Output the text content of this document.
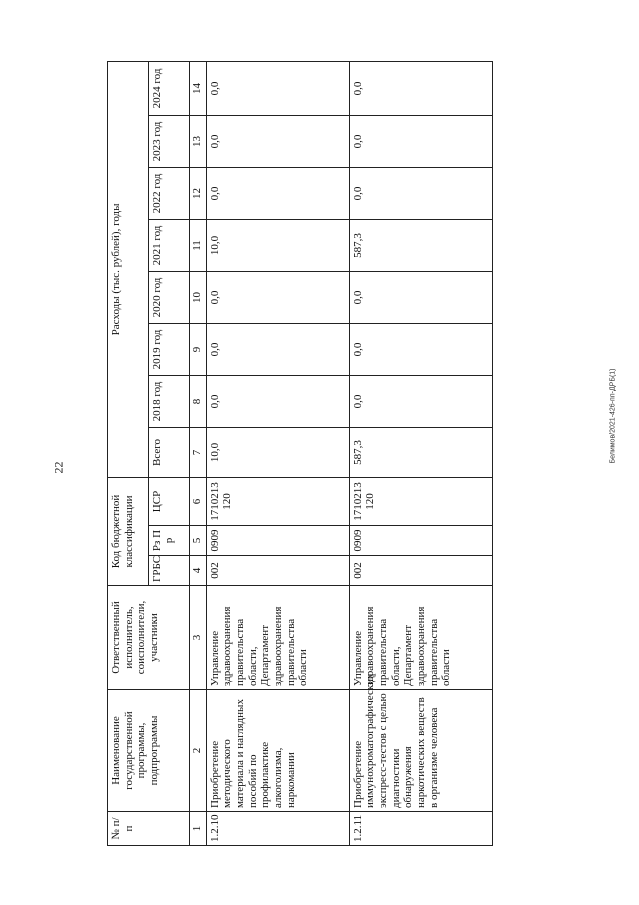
22
Белимов/2021-426-пп-ДРБ(1)
№ п/п	Наименование государственной программы, подпрограммы	Ответственный исполнитель, соисполнители, участники	Код бюджетной классификации			Расходы (тыс. рублей), годы							
			ГРБС	Рз Пр	ЦСР	Всего	2018 год	2019 год	2020 год	2021 год	2022 год	2023 год	2024 год
1	2	3	4	5	6	7	8	9	10	11	12	13	14
1.2.10	Приобретение методического материала и наглядных пособий по профилактике алкоголизма, наркомании	Управление здравоохранения правительства области, Департамент здравоохранения правительства области	002	0909	1710213120	10,0	0,0	0,0	0,0	10,0	0,0	0,0	0,0
1.2.11	Приобретение иммунохроматографических экспресс-тестов с целью диагностики обнаружения наркотических веществ в организме человека	Управление здравоохранения правительства области, Департамент здравоохранения правительства области	002	0909	1710213120	587,3	0,0	0,0	0,0	587,3	0,0	0,0	0,0
